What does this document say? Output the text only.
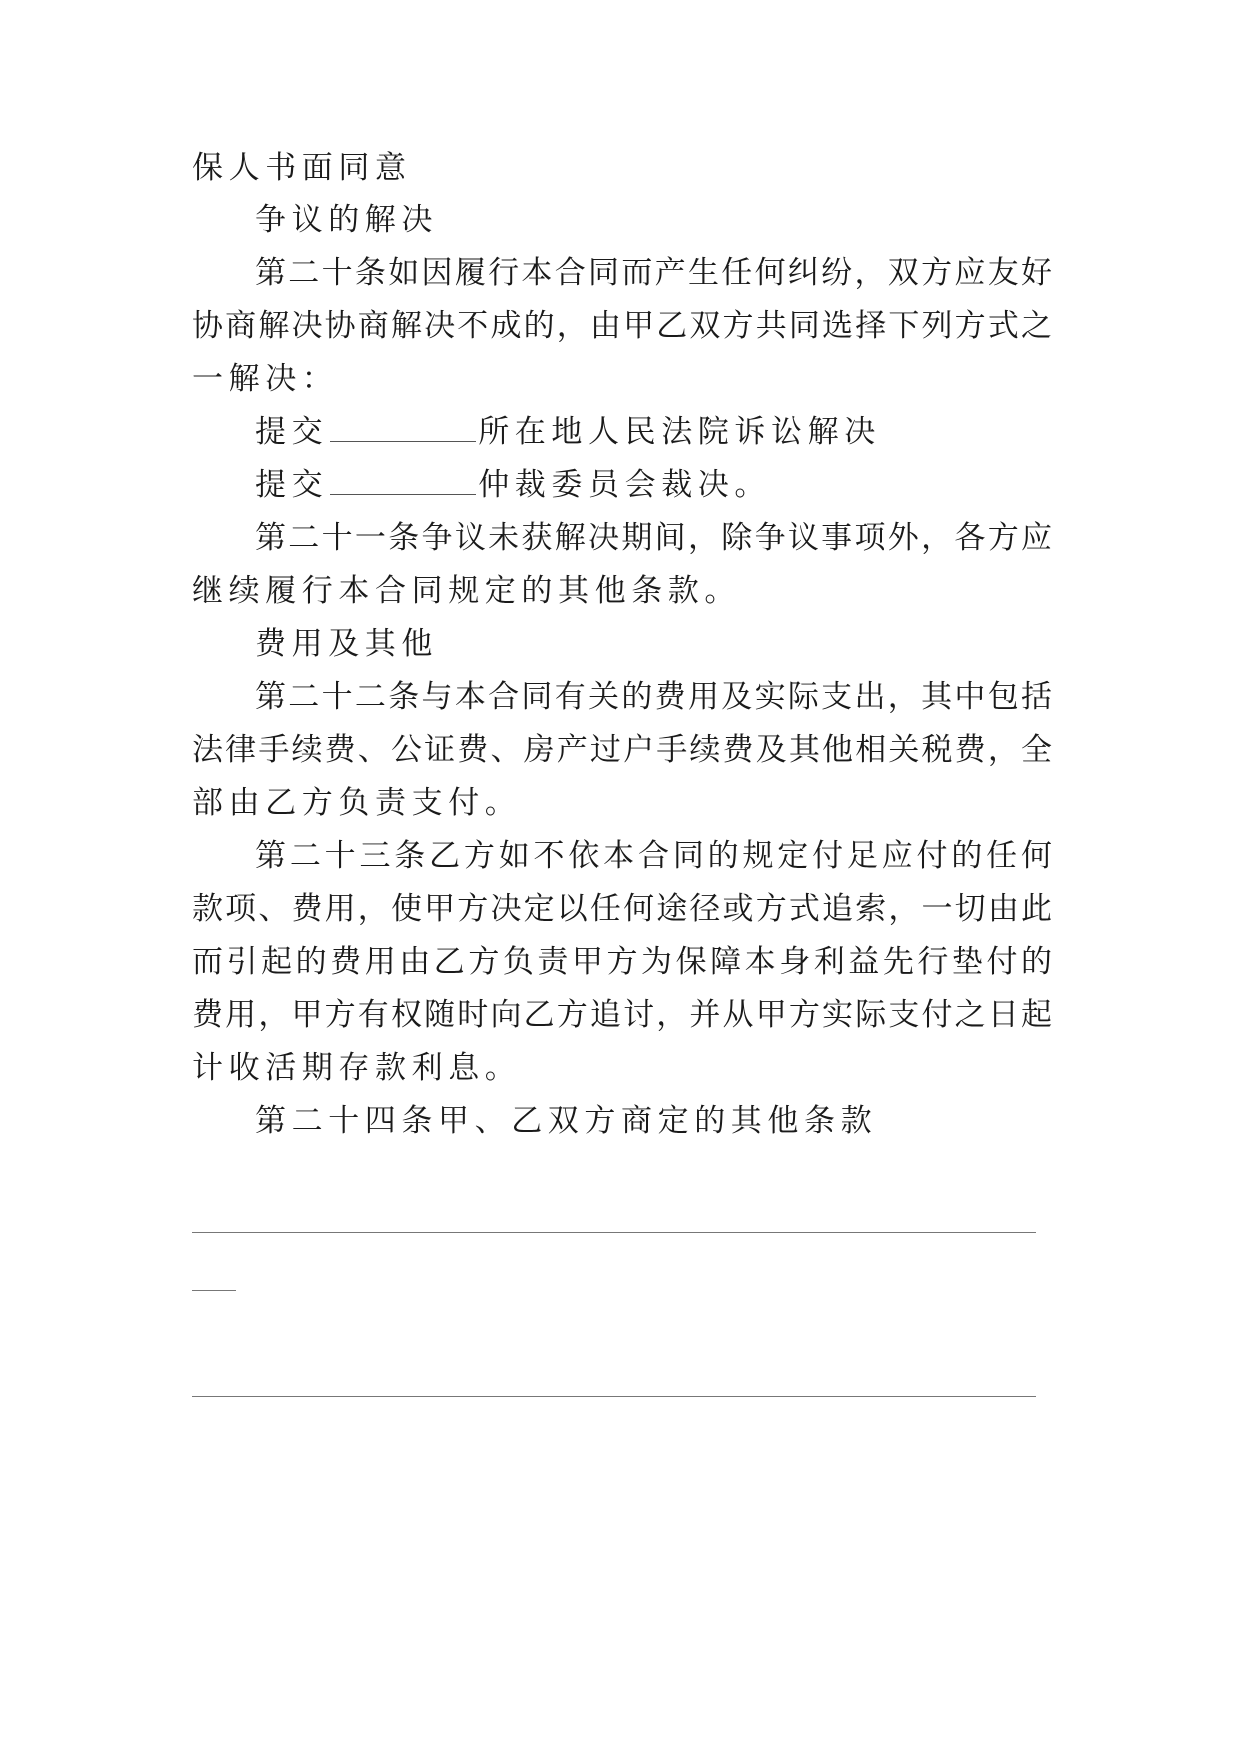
保人书面同意
争议的解决
第二十条如因履行本合同而产生任何纠纷，双方应友好
协商解决协商解决不成的，由甲乙双方共同选择下列方式之
一解决：
提交	所在地人民法院诉讼解决
提交	仲裁委员会裁决。
第二十一条争议未获解决期间，除争议事项外，各方应
继续履行本合同规定的其他条款。
费用及其他
第二十二条与本合同有关的费用及实际支出，其中包括
法律手续费、公证费、房产过户手续费及其他相关税费，全
部由乙方负责支付。
第二十三条乙方如不依本合同的规定付足应付的任何
款项、费用，使甲方决定以任何途径或方式追索，一切由此
而引起的费用由乙方负责甲方为保障本身利益先行垫付的
费用，甲方有权随时向乙方追讨，并从甲方实际支付之日起
计收活期存款利息。
第二十四条甲、乙双方商定的其他条款
